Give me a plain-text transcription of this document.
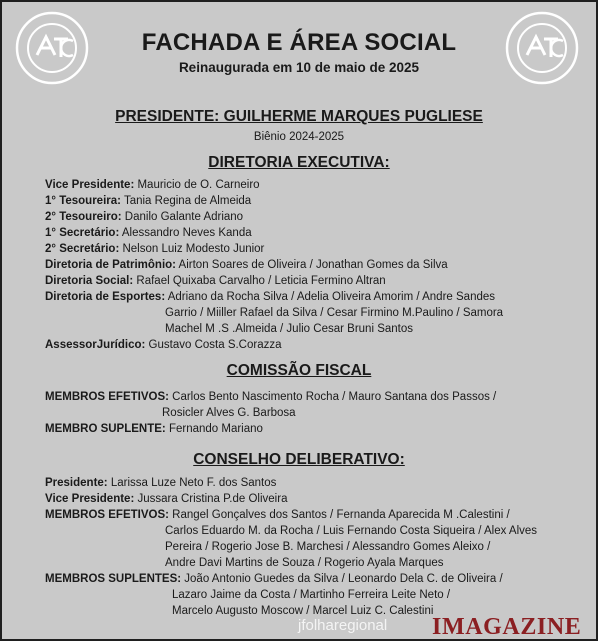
FACHADA E ÁREA SOCIAL
Reinaugurada em 10 de maio de 2025
PRESIDENTE: GUILHERME MARQUES PUGLIESE
Biênio 2024-2025
DIRETORIA EXECUTIVA:
Vice Presidente: Mauricio de O. Carneiro
1° Tesoureira: Tania Regina de Almeida
2° Tesoureiro: Danilo Galante Adriano
1° Secretário: Alessandro Neves Kanda
2° Secretário: Nelson Luiz Modesto Junior
Diretoria de Patrimônio: Airton Soares de Oliveira / Jonathan Gomes da Silva
Diretoria Social: Rafael Quixaba Carvalho / Leticia Fermino Altran
Diretoria de Esportes: Adriano da Rocha Silva / Adelia Oliveira Amorim / Andre Sandes
Garrio / Miiller Rafael da Silva / Cesar Firmino M.Paulino / Samora
Machel M .S .Almeida / Julio Cesar Bruni Santos
AssessorJurídico: Gustavo Costa S.Corazza
COMISSÃO FISCAL
MEMBROS EFETIVOS: Carlos Bento Nascimento Rocha / Mauro Santana dos Passos /
Rosicler Alves G. Barbosa
MEMBRO SUPLENTE: Fernando Mariano
CONSELHO DELIBERATIVO:
Presidente: Larissa Luze Neto F. dos Santos
Vice Presidente: Jussara Cristina P.de Oliveira
MEMBROS EFETIVOS: Rangel Gonçalves dos Santos / Fernanda Aparecida M .Calestini /
Carlos Eduardo M. da Rocha / Luis Fernando Costa Siqueira / Alex Alves
Pereira / Rogerio Jose B. Marchesi / Alessandro Gomes Aleixo /
Andre Davi Martins de Souza / Rogerio Ayala Marques
MEMBROS SUPLENTES: João Antonio Guedes da Silva / Leonardo Dela C. de Oliveira /
Lazaro Jaime da Costa / Martinho Ferreira Leite Neto /
Marcelo Augusto Moscow / Marcel Luiz C. Calestini
jfolharegional IMAGAZINE
